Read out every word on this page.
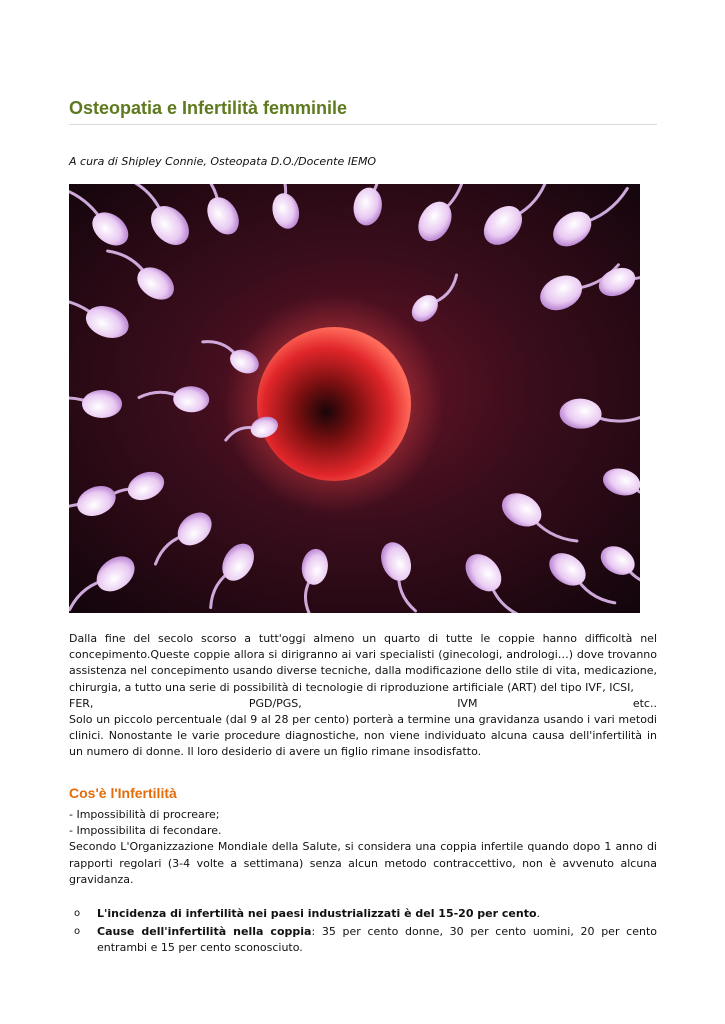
Osteopatia e Infertilità femminile

A cura di Shipley Connie, Osteopata D.O./Docente IEMO

Dalla fine del secolo scorso a tutt'oggi almeno un quarto di tutte le coppie hanno difficoltà nel concepimento.Queste coppie allora si dirigranno ai vari specialisti (ginecologi, andrologi…) dove trovanno assistenza nel concepimento usando diverse tecniche, dalla modificazione dello stile di vita, medicazione, chirurgia, a tutto una serie di possibilità di tecnologie di riproduzione artificiale (ART) del tipo IVF, ICSI,
FER,	PGD/PGS,	IVM	etc..
Solo un piccolo percentuale (dal 9 al 28 per cento) porterà a termine una gravidanza usando i vari metodi clinici. Nonostante le varie procedure diagnostiche, non viene individuato alcuna causa dell'infertilità in un numero di donne. Il loro desiderio di avere un figlio rimane insodisfatto.
Cos'è l'Infertilità
- Impossibilità di procreare;
- Impossibilita di fecondare.
Secondo L'Organizzazione Mondiale della Salute, si considera una coppia infertile quando dopo 1 anno di rapporti regolari (3-4 volte a settimana) senza alcun metodo contraccettivo, non è avvenuto alcuna gravidanza.
o L'incidenza di infertilità nei paesi industrializzati è del 15-20 per cento.
o Cause dell'infertilità nella coppia: 35 per cento donne, 30 per cento uomini, 20 per cento entrambi e 15 per cento sconosciuto.
